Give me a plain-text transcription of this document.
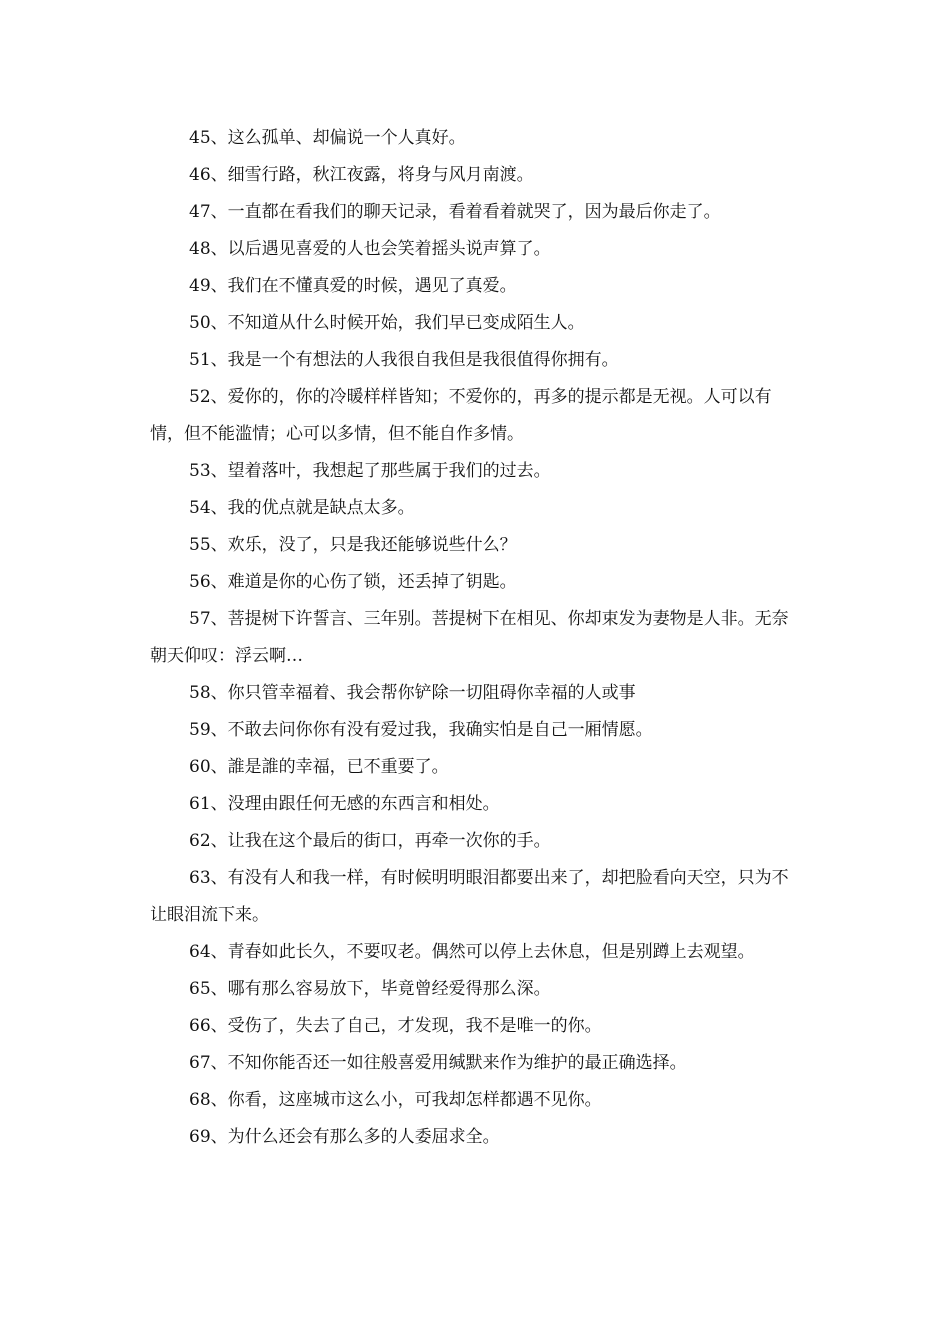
45、这么孤单、却偏说一个人真好。

46、细雪行路，秋江夜露，将身与风月南渡。

47、一直都在看我们的聊天记录，看着看着就哭了，因为最后你走了。

48、以后遇见喜爱的人也会笑着摇头说声算了。

49、我们在不懂真爱的时候，遇见了真爱。

50、不知道从什么时候开始，我们早已变成陌生人。

51、我是一个有想法的人我很自我但是我很值得你拥有。

52、爱你的，你的冷暖样样皆知；不爱你的，再多的提示都是无视。人可以有情，但不能滥情；心可以多情，但不能自作多情。

53、望着落叶，我想起了那些属于我们的过去。

54、我的优点就是缺点太多。

55、欢乐，没了，只是我还能够说些什么？

56、难道是你的心伤了锁，还丢掉了钥匙。

57、菩提树下许誓言、三年别。菩提树下在相见、你却束发为妻物是人非。无奈朝天仰叹：浮云啊…

58、你只管幸福着、我会帮你铲除一切阻碍你幸福的人或事

59、不敢去问你你有没有爱过我，我确实怕是自己一厢情愿。

60、誰是誰的幸福，已不重要了。

61、没理由跟任何无感的东西言和相处。

62、让我在这个最后的街口，再牵一次你的手。

63、有没有人和我一样，有时候明明眼泪都要出来了，却把脸看向天空，只为不让眼泪流下来。

64、青春如此长久，不要叹老。偶然可以停上去休息，但是别蹲上去观望。

65、哪有那么容易放下，毕竟曾经爱得那么深。

66、受伤了，失去了自己，才发现，我不是唯一的你。

67、不知你能否还一如往般喜爱用缄默来作为维护的最正确选择。

68、你看，这座城市这么小，可我却怎样都遇不见你。

69、为什么还会有那么多的人委屈求全。
